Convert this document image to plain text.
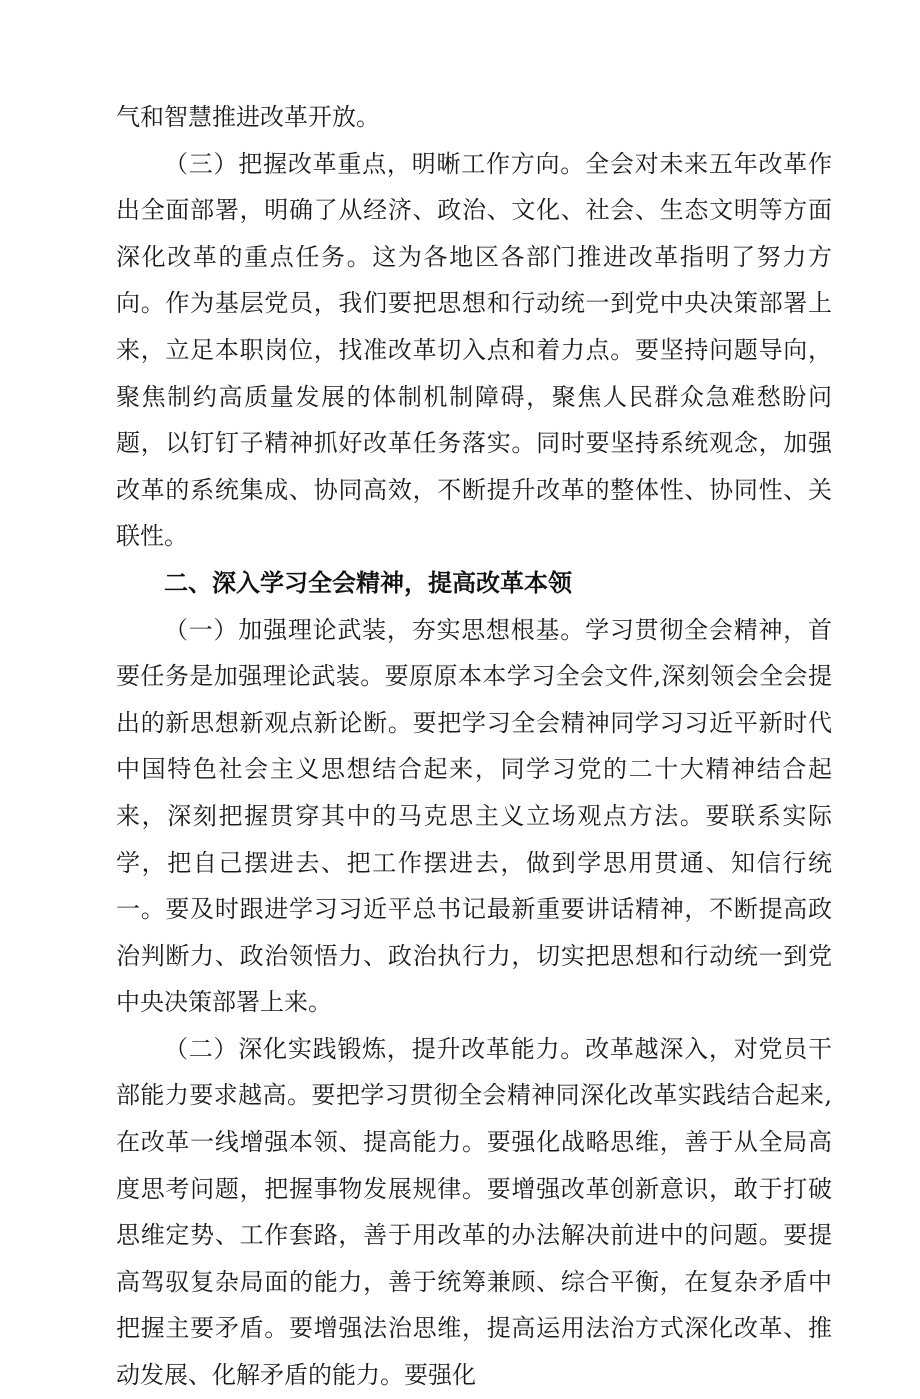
气和智慧推进改革开放。

（三）把握改革重点，明晰工作方向。全会对未来五年改革作出全面部署，明确了从经济、政治、文化、社会、生态文明等方面深化改革的重点任务。这为各地区各部门推进改革指明了努力方向。作为基层党员，我们要把思想和行动统一到党中央决策部署上来，立足本职岗位，找准改革切入点和着力点。要坚持问题导向，聚焦制约高质量发展的体制机制障碍，聚焦人民群众急难愁盼问题，以钉钉子精神抓好改革任务落实。同时要坚持系统观念，加强改革的系统集成、协同高效，不断提升改革的整体性、协同性、关联性。

二、深入学习全会精神，提高改革本领

（一）加强理论武装，夯实思想根基。学习贯彻全会精神，首要任务是加强理论武装。要原原本本学习全会文件,深刻领会全会提出的新思想新观点新论断。要把学习全会精神同学习习近平新时代中国特色社会主义思想结合起来，同学习党的二十大精神结合起来，深刻把握贯穿其中的马克思主义立场观点方法。要联系实际学，把自己摆进去、把工作摆进去，做到学思用贯通、知信行统一。要及时跟进学习习近平总书记最新重要讲话精神，不断提高政治判断力、政治领悟力、政治执行力，切实把思想和行动统一到党中央决策部署上来。

（二）深化实践锻炼，提升改革能力。改革越深入，对党员干部能力要求越高。要把学习贯彻全会精神同深化改革实践结合起来,在改革一线增强本领、提高能力。要强化战略思维，善于从全局高度思考问题，把握事物发展规律。要增强改革创新意识，敢于打破思维定势、工作套路，善于用改革的办法解决前进中的问题。要提高驾驭复杂局面的能力，善于统筹兼顾、综合平衡，在复杂矛盾中把握主要矛盾。要增强法治思维，提高运用法治方式深化改革、推动发展、化解矛盾的能力。要强化
